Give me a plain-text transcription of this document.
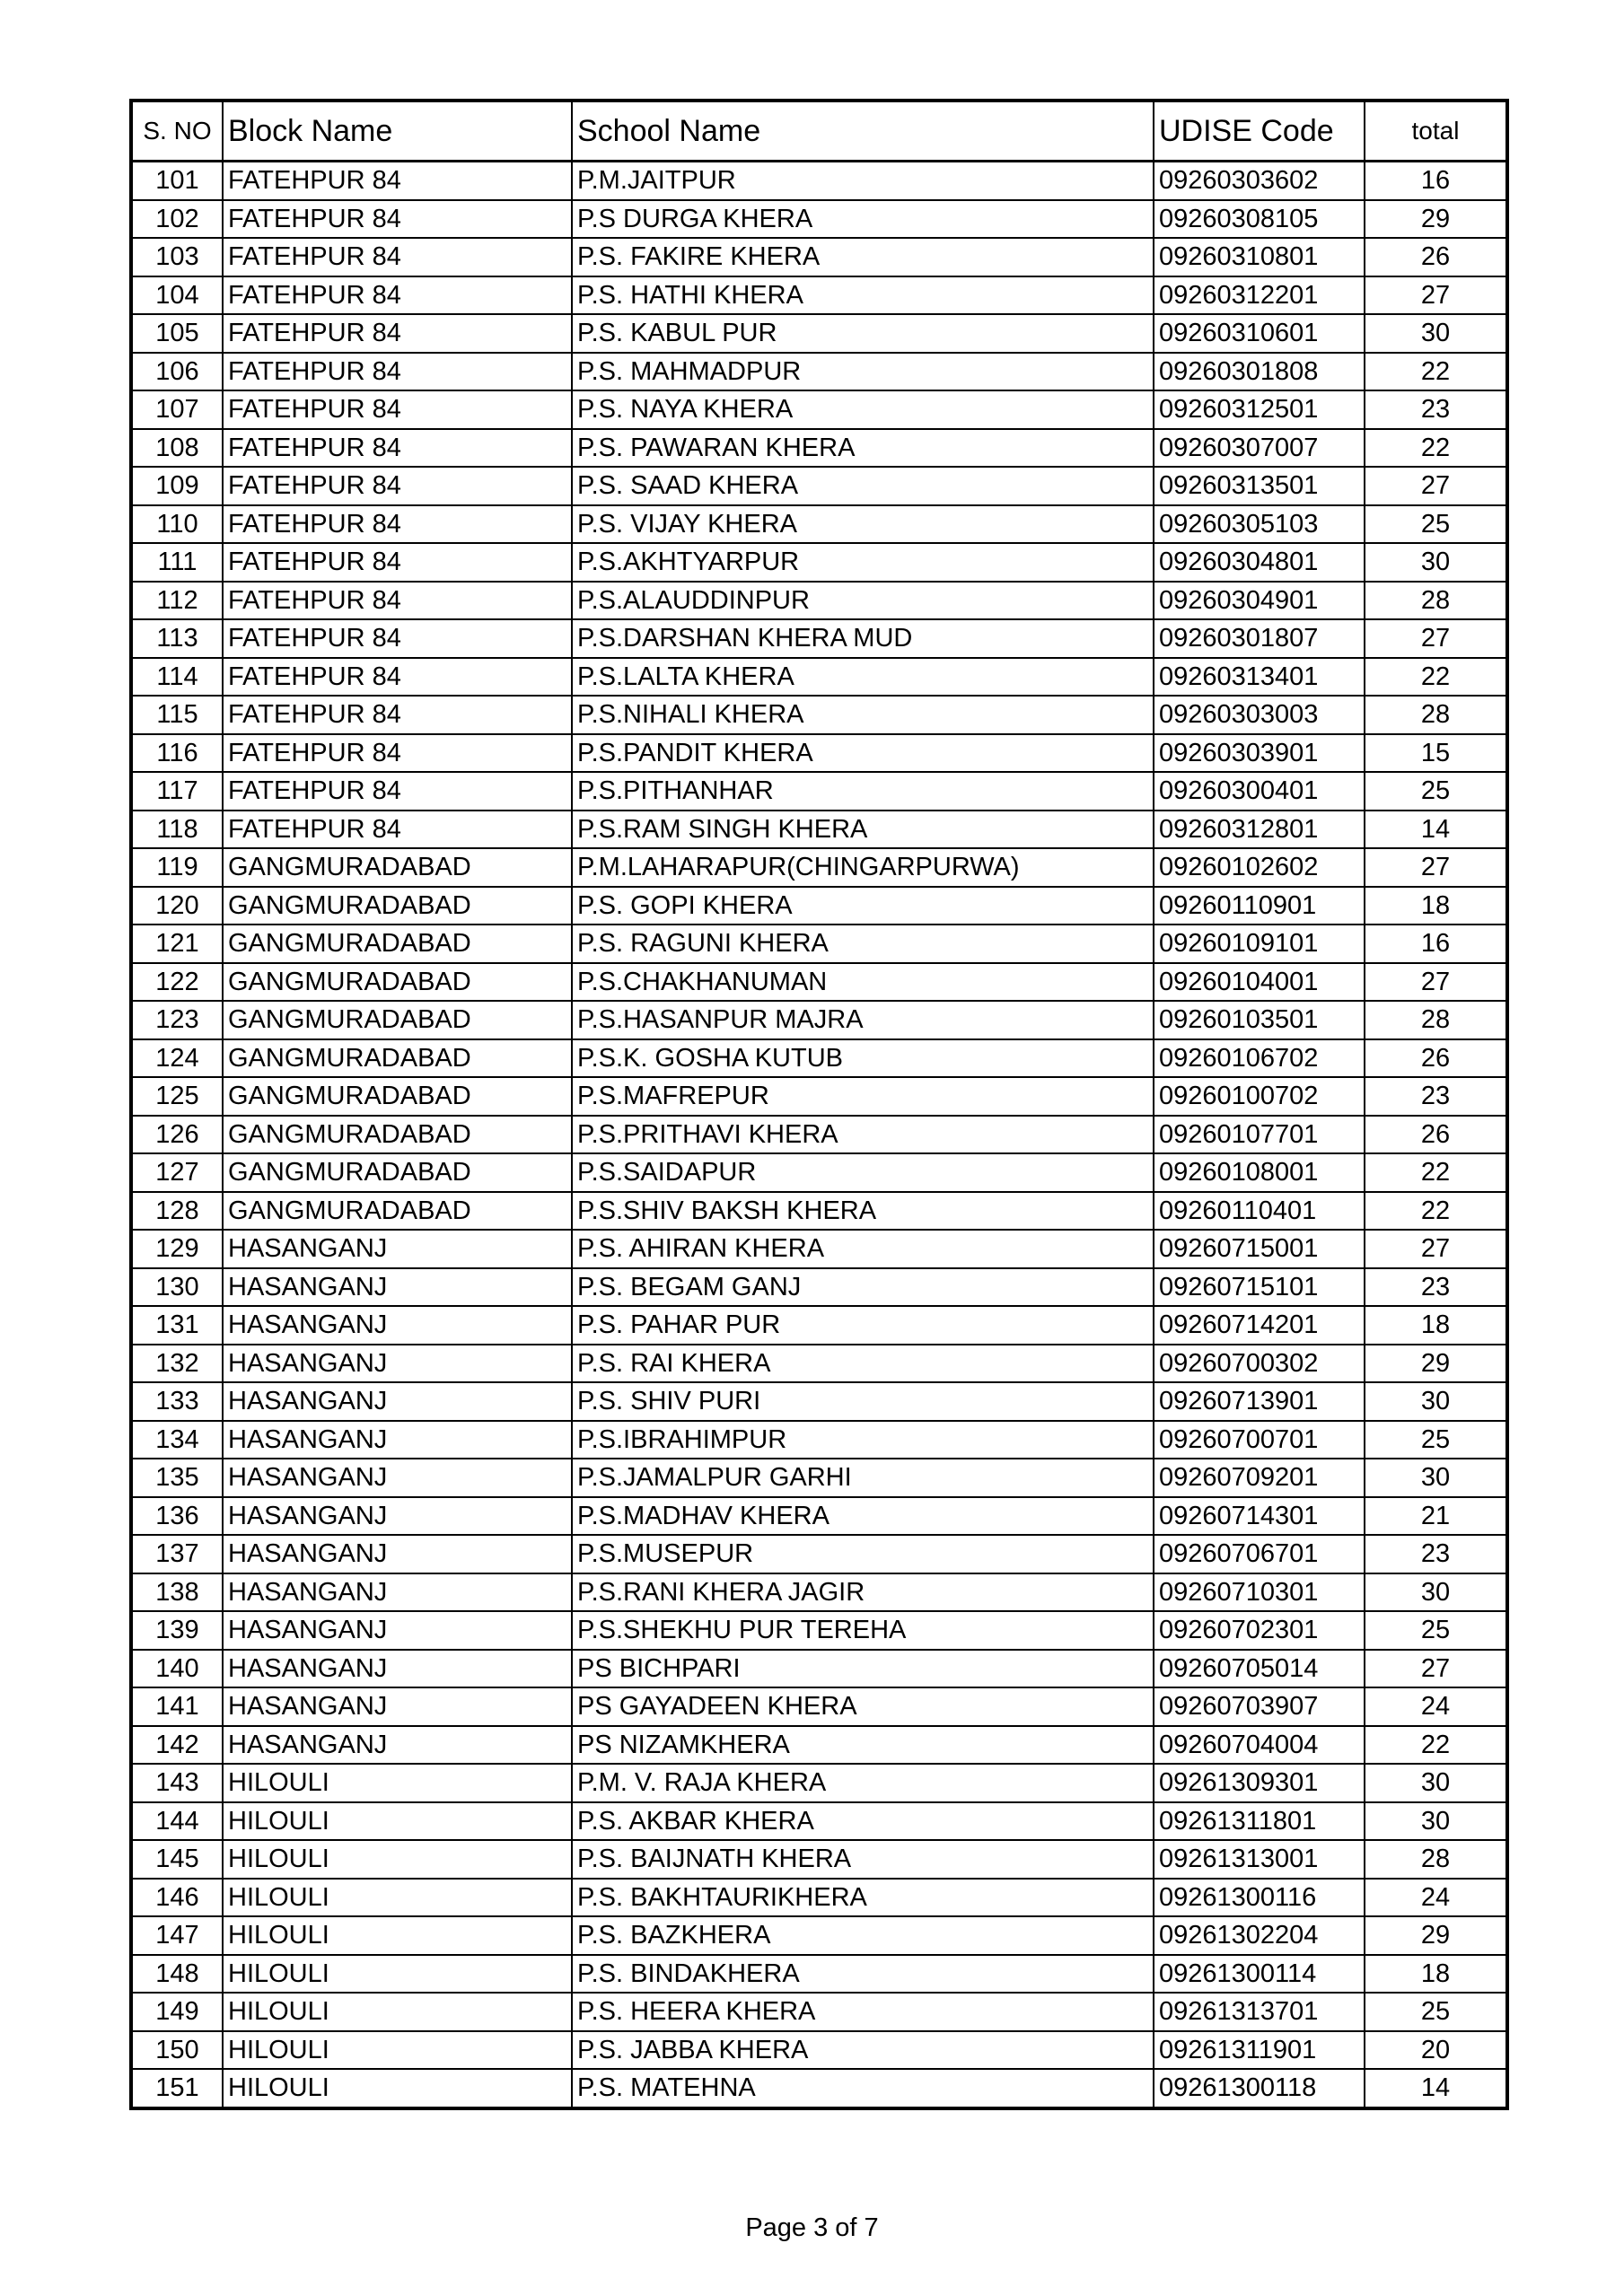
S. NO	Block Name	School Name	UDISE Code	total
101	FATEHPUR 84	P.M.JAITPUR	09260303602	16
102	FATEHPUR 84	P.S DURGA KHERA	09260308105	29
103	FATEHPUR 84	P.S. FAKIRE KHERA	09260310801	26
104	FATEHPUR 84	P.S. HATHI KHERA	09260312201	27
105	FATEHPUR 84	P.S. KABUL PUR	09260310601	30
106	FATEHPUR 84	P.S. MAHMADPUR	09260301808	22
107	FATEHPUR 84	P.S. NAYA KHERA	09260312501	23
108	FATEHPUR 84	P.S. PAWARAN KHERA	09260307007	22
109	FATEHPUR 84	P.S. SAAD KHERA	09260313501	27
110	FATEHPUR 84	P.S. VIJAY KHERA	09260305103	25
111	FATEHPUR 84	P.S.AKHTYARPUR	09260304801	30
112	FATEHPUR 84	P.S.ALAUDDINPUR	09260304901	28
113	FATEHPUR 84	P.S.DARSHAN KHERA MUD	09260301807	27
114	FATEHPUR 84	P.S.LALTA KHERA	09260313401	22
115	FATEHPUR 84	P.S.NIHALI KHERA	09260303003	28
116	FATEHPUR 84	P.S.PANDIT KHERA	09260303901	15
117	FATEHPUR 84	P.S.PITHANHAR	09260300401	25
118	FATEHPUR 84	P.S.RAM SINGH KHERA	09260312801	14
119	GANGMURADABAD	P.M.LAHARAPUR(CHINGARPURWA)	09260102602	27
120	GANGMURADABAD	P.S. GOPI KHERA	09260110901	18
121	GANGMURADABAD	P.S. RAGUNI KHERA	09260109101	16
122	GANGMURADABAD	P.S.CHAKHANUMAN	09260104001	27
123	GANGMURADABAD	P.S.HASANPUR MAJRA	09260103501	28
124	GANGMURADABAD	P.S.K. GOSHA KUTUB	09260106702	26
125	GANGMURADABAD	P.S.MAFREPUR	09260100702	23
126	GANGMURADABAD	P.S.PRITHAVI KHERA	09260107701	26
127	GANGMURADABAD	P.S.SAIDAPUR	09260108001	22
128	GANGMURADABAD	P.S.SHIV BAKSH KHERA	09260110401	22
129	HASANGANJ	P.S. AHIRAN KHERA	09260715001	27
130	HASANGANJ	P.S. BEGAM GANJ	09260715101	23
131	HASANGANJ	P.S. PAHAR PUR	09260714201	18
132	HASANGANJ	P.S. RAI KHERA	09260700302	29
133	HASANGANJ	P.S. SHIV PURI	09260713901	30
134	HASANGANJ	P.S.IBRAHIMPUR	09260700701	25
135	HASANGANJ	P.S.JAMALPUR GARHI	09260709201	30
136	HASANGANJ	P.S.MADHAV KHERA	09260714301	21
137	HASANGANJ	P.S.MUSEPUR	09260706701	23
138	HASANGANJ	P.S.RANI KHERA JAGIR	09260710301	30
139	HASANGANJ	P.S.SHEKHU PUR TEREHA	09260702301	25
140	HASANGANJ	PS BICHPARI	09260705014	27
141	HASANGANJ	PS GAYADEEN KHERA	09260703907	24
142	HASANGANJ	PS NIZAMKHERA	09260704004	22
143	HILOULI	P.M. V. RAJA KHERA	09261309301	30
144	HILOULI	P.S. AKBAR KHERA	09261311801	30
145	HILOULI	P.S. BAIJNATH KHERA	09261313001	28
146	HILOULI	P.S. BAKHTAURIKHERA	09261300116	24
147	HILOULI	P.S. BAZKHERA	09261302204	29
148	HILOULI	P.S. BINDAKHERA	09261300114	18
149	HILOULI	P.S. HEERA KHERA	09261313701	25
150	HILOULI	P.S. JABBA KHERA	09261311901	20
151	HILOULI	P.S. MATEHNA	09261300118	14
Page 3 of 7
